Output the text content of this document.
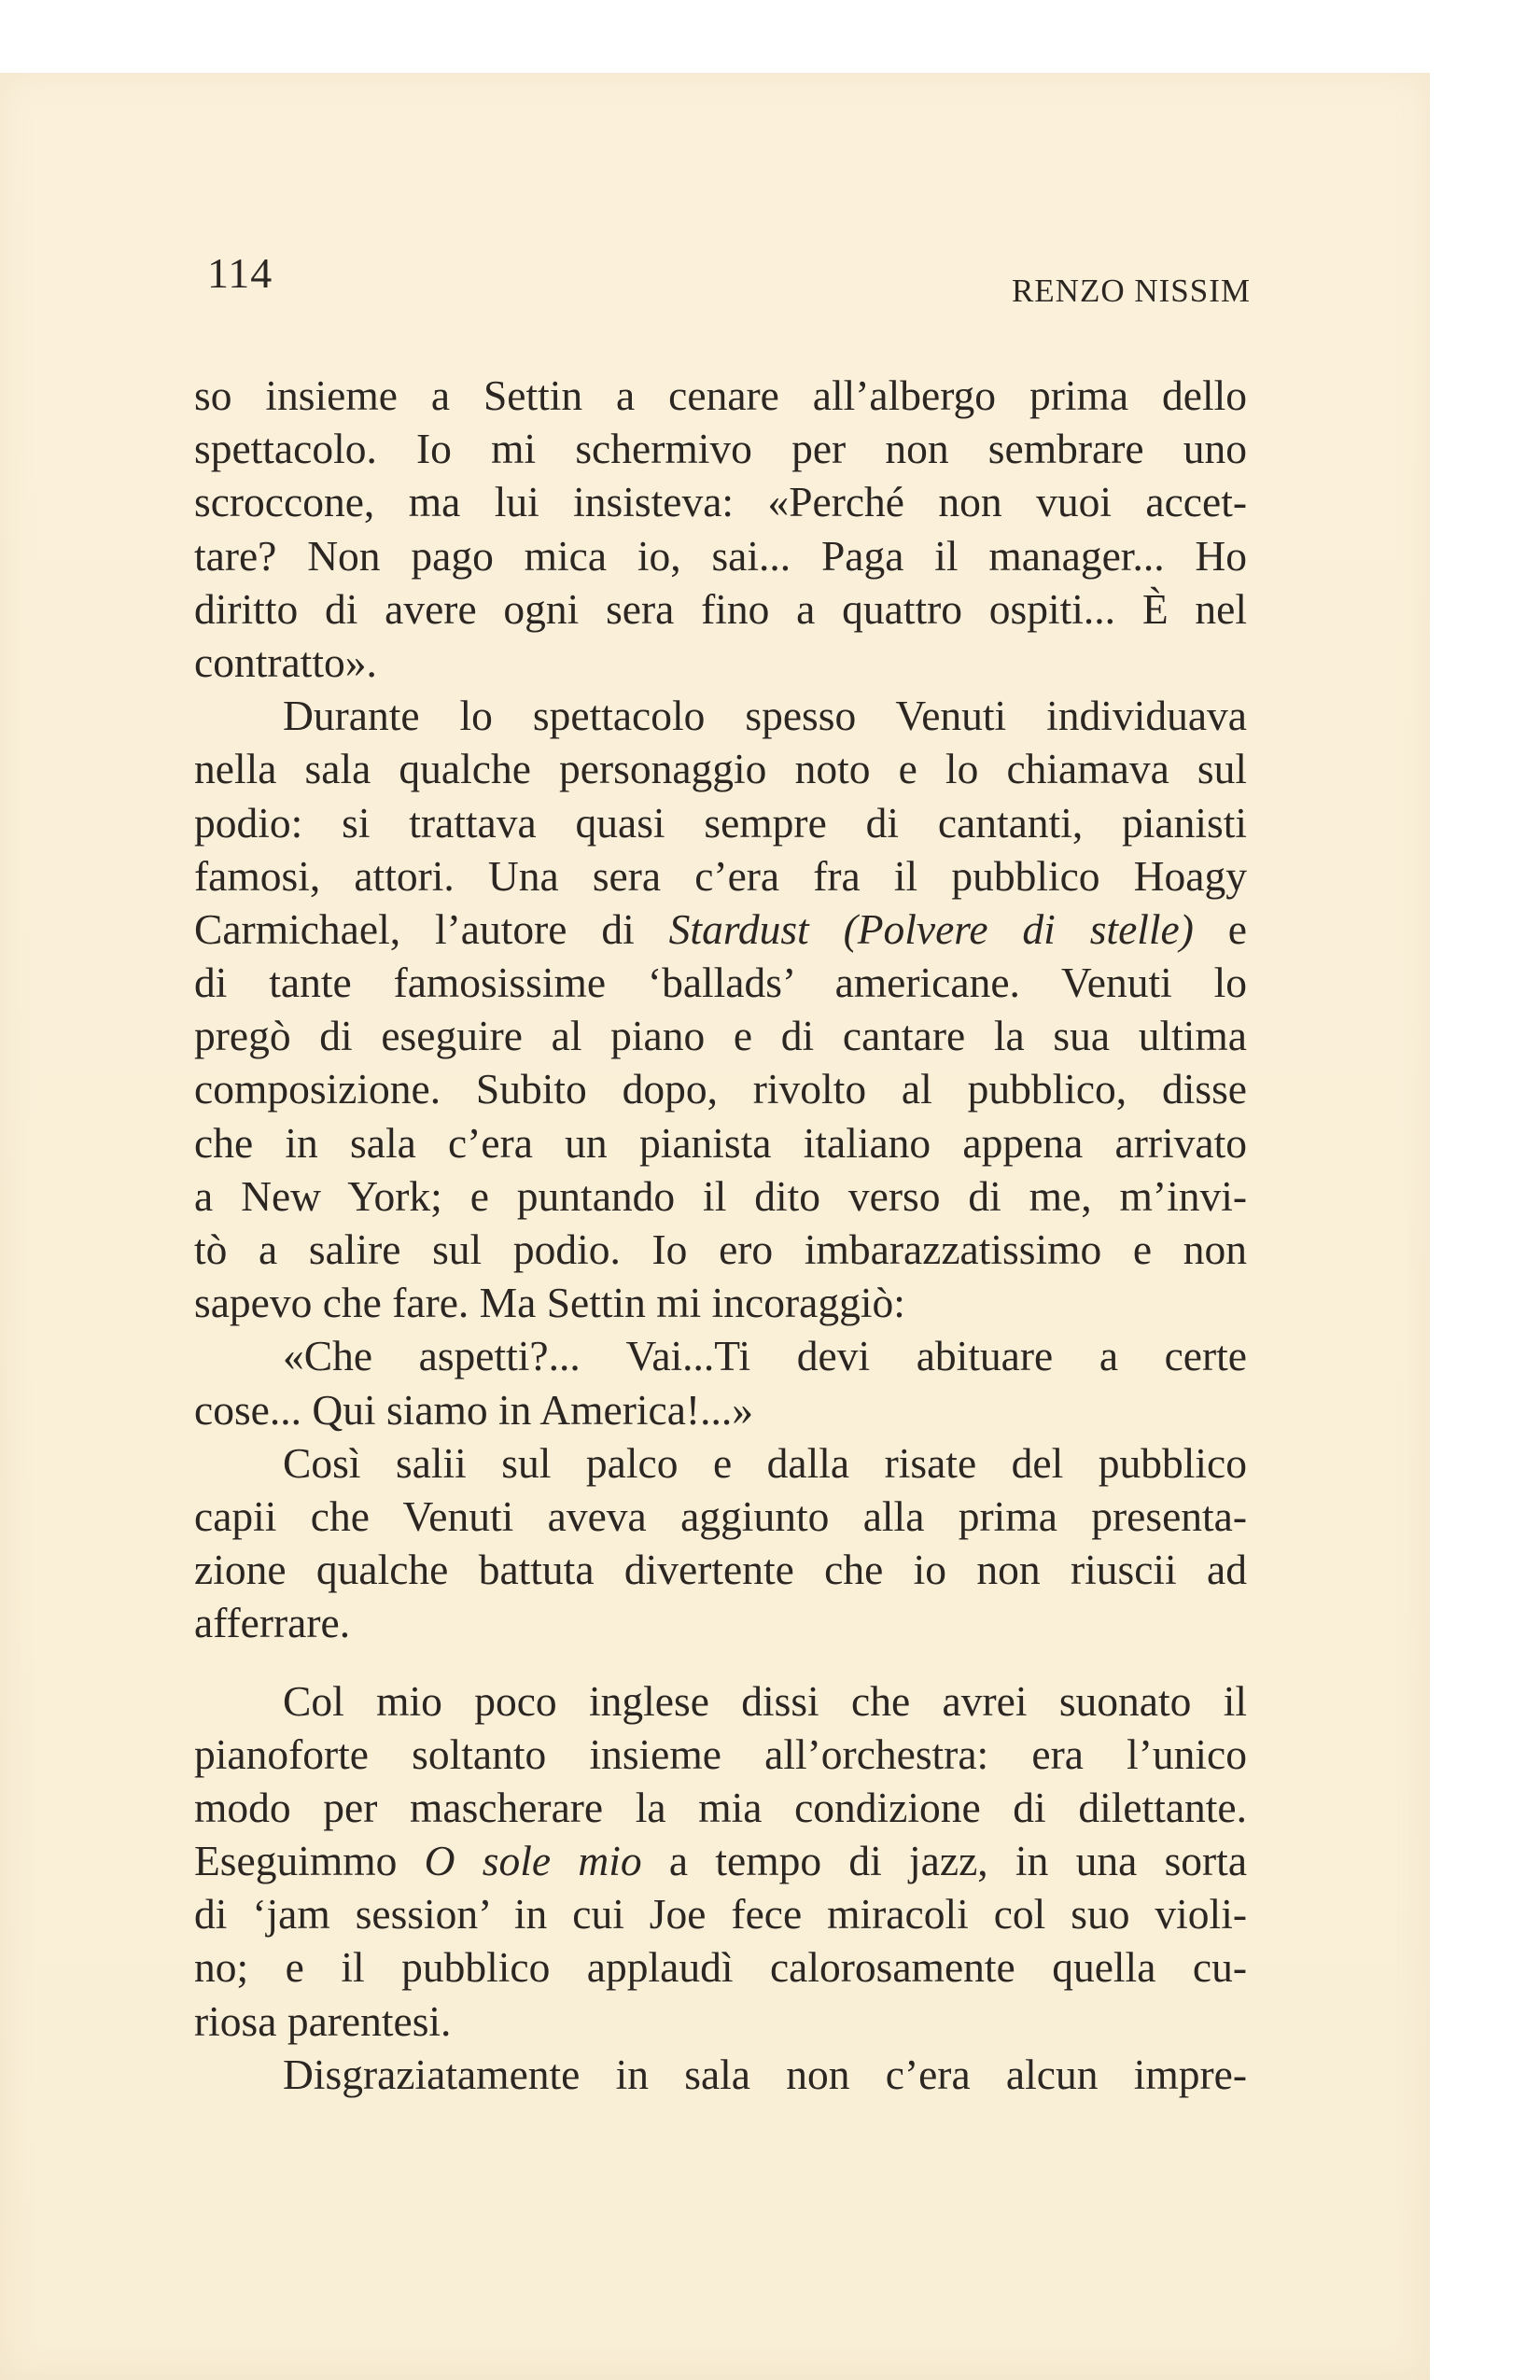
114	RENZO NISSIM
so insieme a Settin a cenare all’albergo prima dello
spettacolo. Io mi schermivo per non sembrare uno
scroccone, ma lui insisteva: «Perché non vuoi accet-
tare? Non pago mica io, sai... Paga il manager... Ho
diritto di avere ogni sera fino a quattro ospiti... È nel
contratto».
Durante lo spettacolo spesso Venuti individuava
nella sala qualche personaggio noto e lo chiamava sul
podio: si trattava quasi sempre di cantanti, pianisti
famosi, attori. Una sera c’era fra il pubblico Hoagy
Carmichael, l’autore di Stardust (Polvere di stelle) e
di tante famosissime ‘ballads’ americane. Venuti lo
pregò di eseguire al piano e di cantare la sua ultima
composizione. Subito dopo, rivolto al pubblico, disse
che in sala c’era un pianista italiano appena arrivato
a New York; e puntando il dito verso di me, m’invi-
tò a salire sul podio. Io ero imbarazzatissimo e non
sapevo che fare. Ma Settin mi incoraggiò:
«Che aspetti?... Vai...Ti devi abituare a certe
cose... Qui siamo in America!...»
Così salii sul palco e dalla risate del pubblico
capii che Venuti aveva aggiunto alla prima presenta-
zione qualche battuta divertente che io non riuscii ad
afferrare.
Col mio poco inglese dissi che avrei suonato il
pianoforte soltanto insieme all’orchestra: era l’unico
modo per mascherare la mia condizione di dilettante.
Eseguimmo O sole mio a tempo di jazz, in una sorta
di ‘jam session’ in cui Joe fece miracoli col suo violi-
no; e il pubblico applaudì calorosamente quella cu-
riosa parentesi.
Disgraziatamente in sala non c’era alcun impre-
